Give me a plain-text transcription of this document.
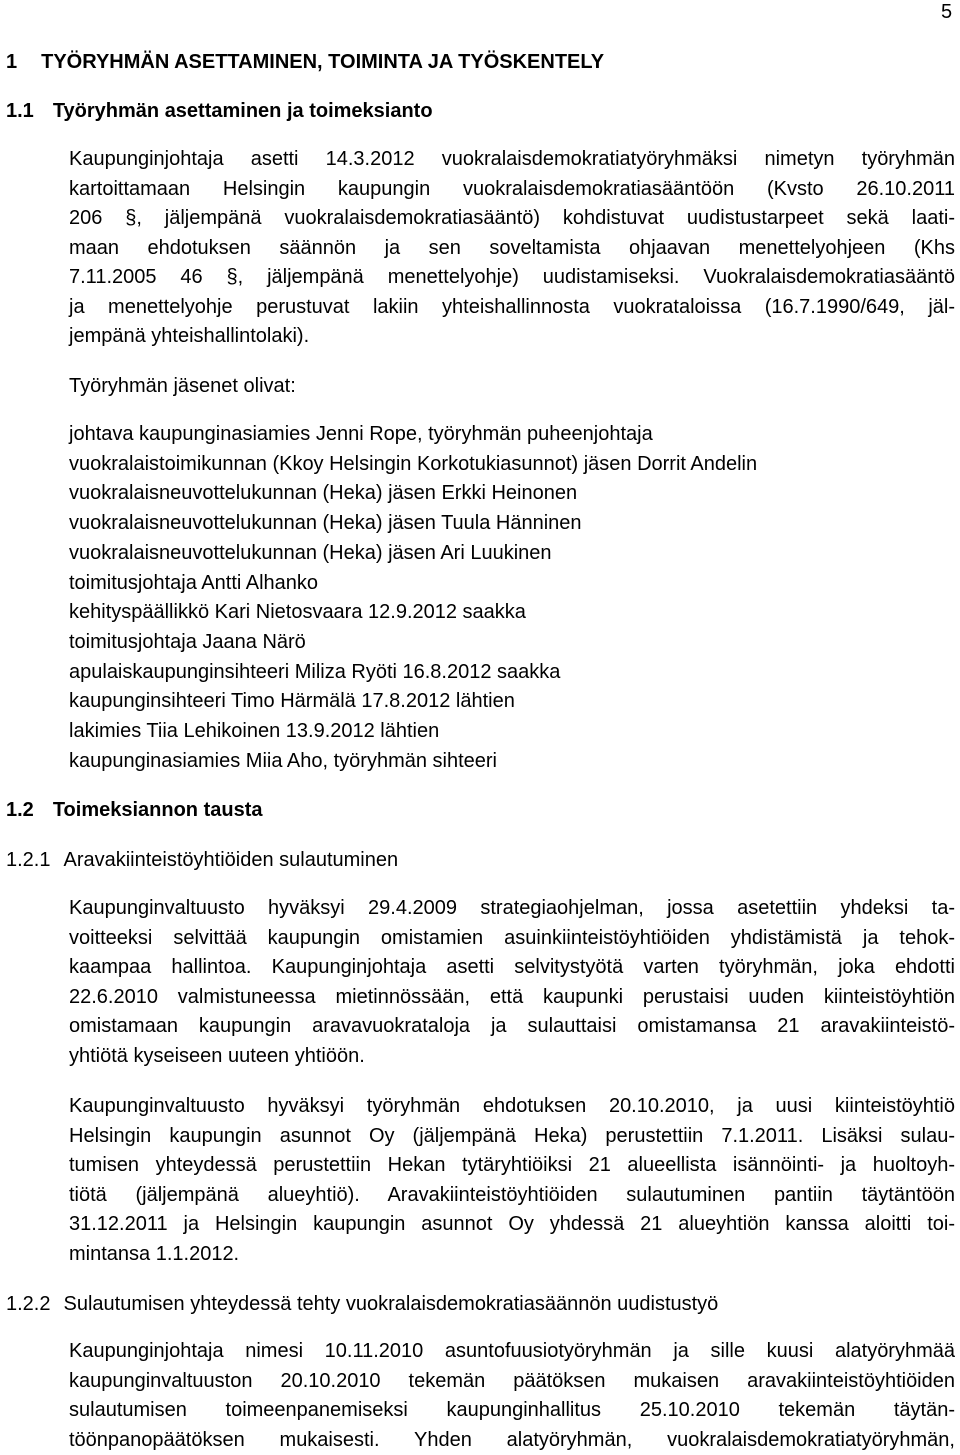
5
1 TYÖRYHMÄN ASETTAMINEN, TOIMINTA JA TYÖSKENTELY
1.1 Työryhmän asettaminen ja toimeksianto
Kaupunginjohtaja asetti 14.3.2012 vuokralaisdemokratiatyöryhmäksi nimetyn työryhmän
kartoittamaan Helsingin kaupungin vuokralaisdemokratiasääntöön (Kvsto 26.10.2011
206 §, jäljempänä vuokralaisdemokratiasääntö) kohdistuvat uudistustarpeet sekä laati-
maan ehdotuksen säännön ja sen soveltamista ohjaavan menettelyohjeen (Khs
7.11.2005 46 §, jäljempänä menettelyohje) uudistamiseksi. Vuokralaisdemokratiasääntö
ja menettelyohje perustuvat lakiin yhteishallinnosta vuokrataloissa (16.7.1990/649, jäl-
jempänä yhteishallintolaki).
Työryhmän jäsenet olivat:
johtava kaupunginasiamies Jenni Rope, työryhmän puheenjohtaja
vuokralaistoimikunnan (Kkoy Helsingin Korkotukiasunnot) jäsen Dorrit Andelin
vuokralaisneuvottelukunnan (Heka) jäsen Erkki Heinonen
vuokralaisneuvottelukunnan (Heka) jäsen Tuula Hänninen
vuokralaisneuvottelukunnan (Heka) jäsen Ari Luukinen
toimitusjohtaja Antti Alhanko
kehityspäällikkö Kari Nietosvaara 12.9.2012 saakka
toimitusjohtaja Jaana Närö
apulaiskaupunginsihteeri Miliza Ryöti 16.8.2012 saakka
kaupunginsihteeri Timo Härmälä 17.8.2012 lähtien
lakimies Tiia Lehikoinen 13.9.2012 lähtien
kaupunginasiamies Miia Aho, työryhmän sihteeri
1.2 Toimeksiannon tausta
1.2.1 Aravakiinteistöyhtiöiden sulautuminen
Kaupunginvaltuusto hyväksyi 29.4.2009 strategiaohjelman, jossa asetettiin yhdeksi ta-
voitteeksi selvittää kaupungin omistamien asuinkiinteistöyhtiöiden yhdistämistä ja tehok-
kaampaa hallintoa. Kaupunginjohtaja asetti selvitystyötä varten työryhmän, joka ehdotti
22.6.2010 valmistuneessa mietinnössään, että kaupunki perustaisi uuden kiinteistöyhtiön
omistamaan kaupungin aravavuokrataloja ja sulauttaisi omistamansa 21 aravakiinteistö-
yhtiötä kyseiseen uuteen yhtiöön.
Kaupunginvaltuusto hyväksyi työryhmän ehdotuksen 20.10.2010, ja uusi kiinteistöyhtiö
Helsingin kaupungin asunnot Oy (jäljempänä Heka) perustettiin 7.1.2011. Lisäksi sulau-
tumisen yhteydessä perustettiin Hekan tytäryhtiöiksi 21 alueellista isännöinti- ja huoltoyh-
tiötä (jäljempänä alueyhtiö). Aravakiinteistöyhtiöiden sulautuminen pantiin täytäntöön
31.12.2011 ja Helsingin kaupungin asunnot Oy yhdessä 21 alueyhtiön kanssa aloitti toi-
mintansa 1.1.2012.
1.2.2 Sulautumisen yhteydessä tehty vuokralaisdemokratiasäännön uudistustyö
Kaupunginjohtaja nimesi 10.11.2010 asuntofuusiotyöryhmän ja sille kuusi alatyöryhmää
kaupunginvaltuuston 20.10.2010 tekemän päätöksen mukaisen aravakiinteistöyhtiöiden
sulautumisen toimeenpanemiseksi kaupunginhallitus 25.10.2010 tekemän täytän-
töönpanopäätöksen mukaisesti. Yhden alatyöryhmän, vuokralaisdemokratiatyöryhmän,
